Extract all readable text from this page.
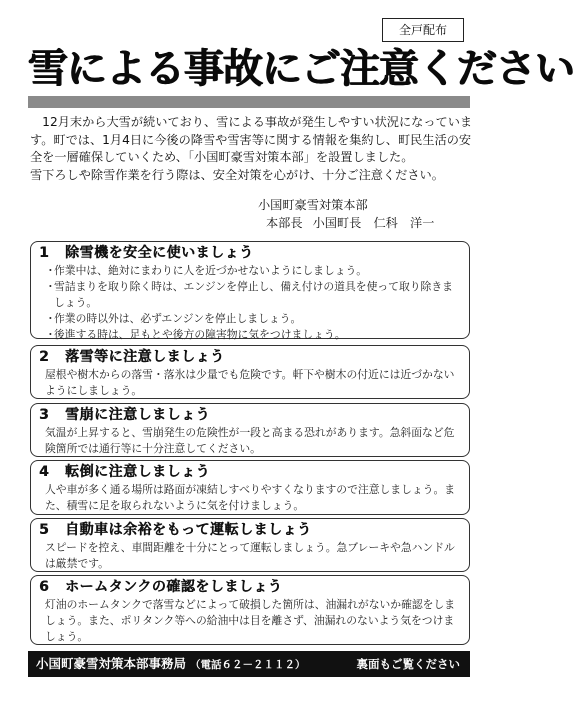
全戸配布
雪による事故にご注意ください

　12月末から大雪が続いており、雪による事故が発生しやすい状況になっています。町では、1月4日に今後の降雪や雪害等に関する情報を集約し、町民生活の安全を一層確保していくため、「小国町豪雪対策本部」を設置しました。

雪下ろしや除雪作業を行う際は、安全対策を心がけ、十分ご注意ください。

小国町豪雪対策本部
本部長 小国町長　仁科　洋一
1 除雪機を安全に使いましょう
・
作業中は、絶対にまわりに人を近づかせないようにしましょう。
・
雪詰まりを取り除く時は、エンジンを停止し、備え付けの道具を使って取り除きましょう。
・
作業の時以外は、必ずエンジンを停止しましょう。
・
後進する時は、足もとや後方の障害物に気をつけましょう。
2 落雪等に注意しましょう
屋根や樹木からの落雪・落氷は少量でも危険です。軒下や樹木の付近には近づかないようにしましょう。
3 雪崩に注意しましょう
気温が上昇すると、雪崩発生の危険性が一段と高まる恐れがあります。急斜面など危険箇所では通行等に十分注意してください。
4 転倒に注意しましょう
人や車が多く通る場所は路面が凍結しすべりやすくなりますので注意しましょう。また、積雪に足を取られないように気を付けましょう。
5 自動車は余裕をもって運転しましょう
スピードを控え、車間距離を十分にとって運転しましょう。急ブレーキや急ハンドルは厳禁です。
6 ホームタンクの確認をしましょう
灯油のホームタンクで落雪などによって破損した箇所は、油漏れがないか確認をしましょう。また、ポリタンク等への給油中は目を離さず、油漏れのないよう気をつけましょう。
小国町豪雪対策本部事務局 （電話６２－２１１２）	裏面もご覧ください
